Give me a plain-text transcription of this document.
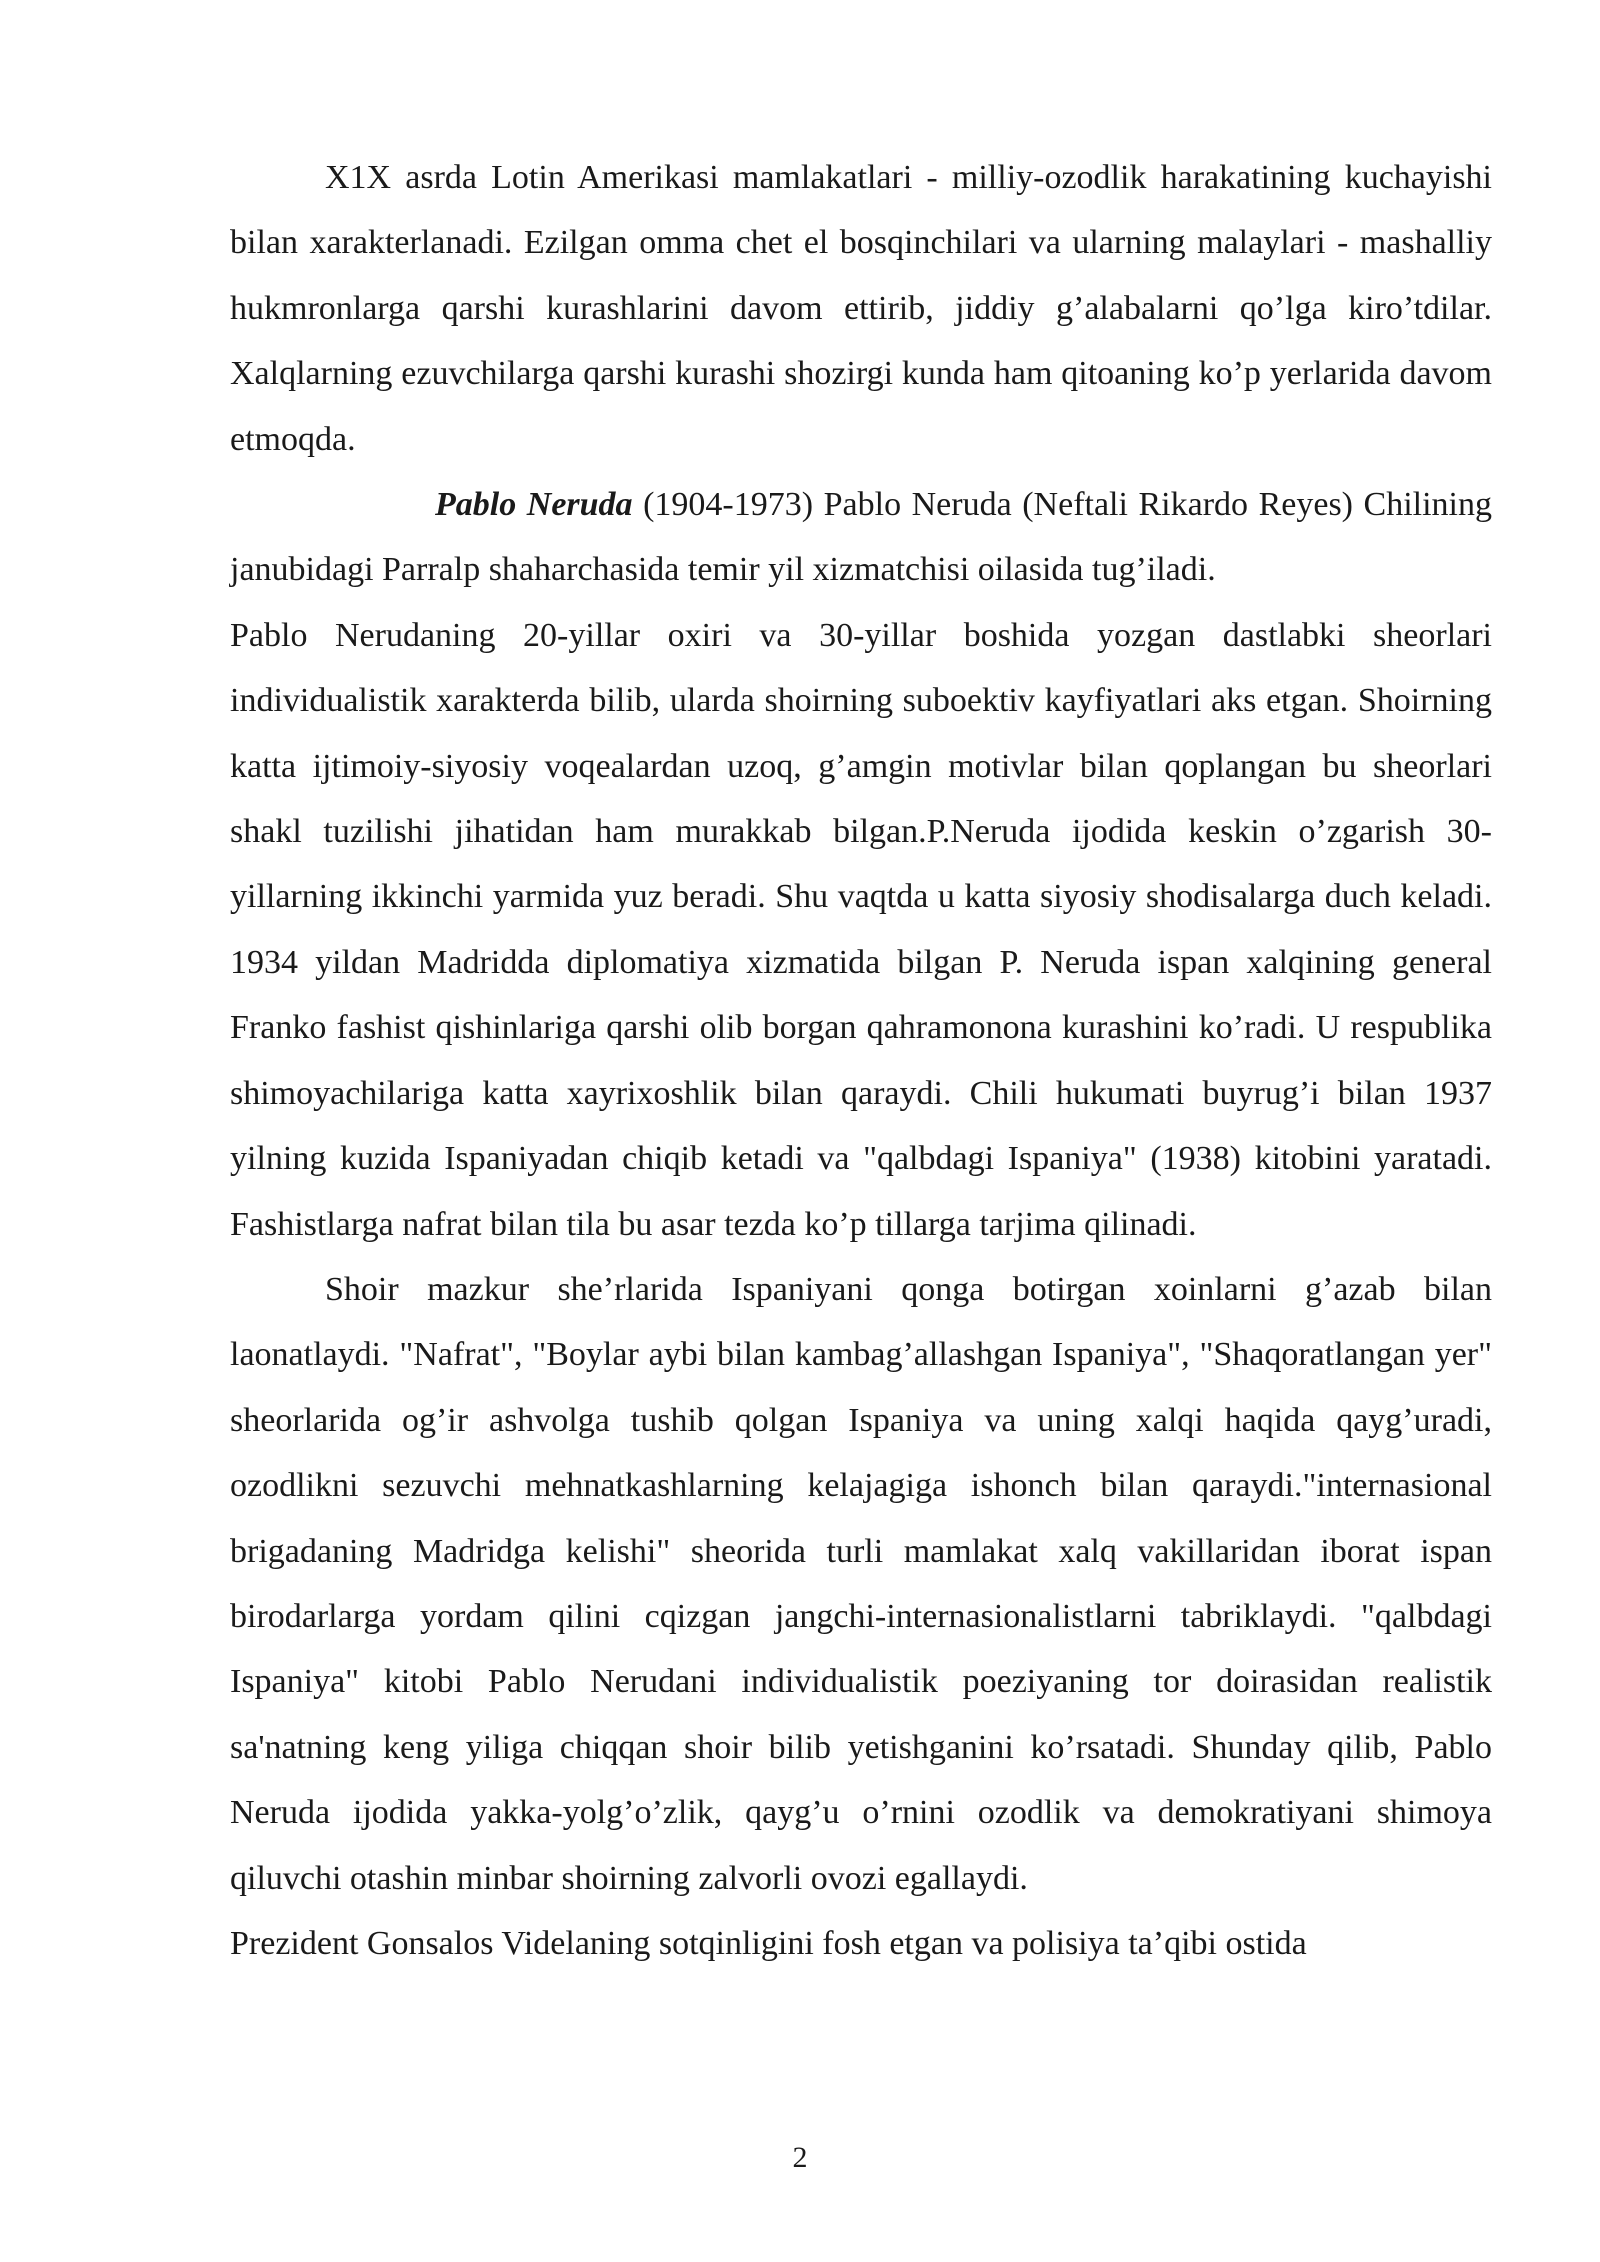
X1X asrda Lotin Amerikasi mamlakatlari - milliy-ozodlik harakatining kuchayishi bilan xarakterlanadi. Ezilgan omma chet el bosqinchilari va ularning malaylari - mashalliy hukmronlarga qarshi kurashlarini davom ettirib, jiddiy g’alabalarni qo’lga kiro’tdilar. Xalqlarning ezuvchilarga qarshi kurashi shozirgi kunda ham qitoaning ko’p yerlarida davom etmoqda.

Pablo Neruda (1904-1973) Pablo Neruda (Neftali Rikardo Reyes) Chilining janubidagi Parralp shaharchasida temir yil xizmatchisi oilasida tug’iladi.

Pablo Nerudaning 20-yillar oxiri va 30-yillar boshida yozgan dastlabki sheorlari individualistik xarakterda bilib, ularda shoirning suboektiv kayfiyatlari aks etgan. Shoirning katta ijtimoiy-siyosiy voqealardan uzoq, g’amgin motivlar bilan qoplangan bu sheorlari shakl tuzilishi jihatidan ham murakkab bilgan.P.Neruda ijodida keskin o’zgarish 30-yillarning ikkinchi yarmida yuz beradi. Shu vaqtda u katta siyosiy shodisalarga duch keladi. 1934 yildan Madridda diplomatiya xizmatida bilgan P. Neruda ispan xalqining general Franko fashist qishinlariga qarshi olib borgan qahramonona kurashini ko’radi. U respublika shimoyachilariga katta xayrixoshlik bilan qaraydi. Chili hukumati buyrug’i bilan 1937 yilning kuzida Ispaniyadan chiqib ketadi va "qalbdagi Ispaniya" (1938) kitobini yaratadi. Fashistlarga nafrat bilan tila bu asar tezda ko’p tillarga tarjima qilinadi.

Shoir mazkur she’rlarida Ispaniyani qonga botirgan xoinlarni g’azab bilan laonatlaydi. "Nafrat", "Boylar aybi bilan kambag’allashgan Ispaniya", "Shaqoratlangan yer" sheorlarida og’ir ashvolga tushib qolgan Ispaniya va uning xalqi haqida qayg’uradi, ozodlikni sezuvchi mehnatkashlarning kelajagiga ishonch bilan qaraydi."internasional brigadaning Madridga kelishi" sheorida turli mamlakat xalq vakillaridan iborat ispan birodarlarga yordam qilini cqizgan jangchi-internasionalistlarni tabriklaydi. "qalbdagi Ispaniya" kitobi Pablo Nerudani individualistik poeziyaning tor doirasidan realistik sa'natning keng yiliga chiqqan shoir bilib yetishganini ko’rsatadi. Shunday qilib, Pablo Neruda ijodida yakka-yolg’o’zlik, qayg’u o’rnini ozodlik va demokratiyani shimoya qiluvchi otashin minbar shoirning zalvorli ovozi egallaydi.

Prezident Gonsalos Videlaning sotqinligini fosh etgan va polisiya ta’qibi ostida

2
